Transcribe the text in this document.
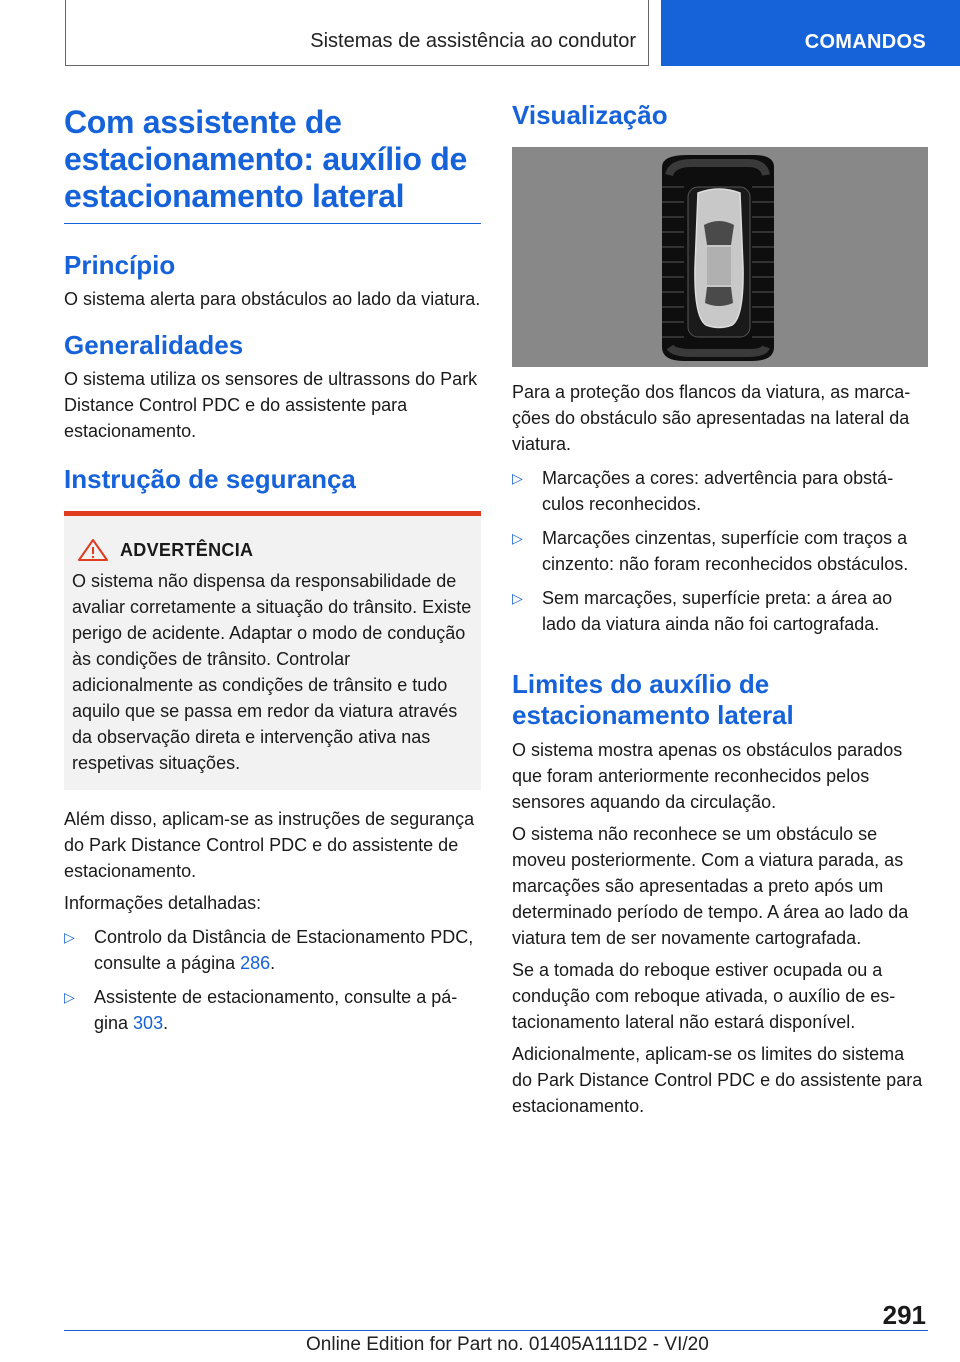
Sistemas de assistência ao condutor	COMANDOS
Com assistente de estacionamento: auxílio de estacionamento lateral
Princípio

O sistema alerta para obstáculos ao lado da viatura.

Generalidades

O sistema utiliza os sensores de ultrassons do Park Distance Control PDC e do assistente para estacionamento.

Instrução de segurança
ADVERTÊNCIA

O sistema não dispensa da responsabilidade de avaliar corretamente a situação do trânsito. Existe perigo de acidente. Adaptar o modo de condução às condições de trânsito. Controlar adicionalmente as condições de trânsito e tudo aquilo que se passa em redor da viatura através da observação direta e intervenção ativa nas respetivas situações.

Além disso, aplicam-se as instruções de segurança do Park Distance Control PDC e do assistente de estacionamento.

Informações detalhadas:

▷ Controlo da Distância de Estacionamento PDC, consulte a página 286.
▷ Assistente de estacionamento, consulte a página 303.
Visualização

Para a proteção dos flancos da viatura, as marcações do obstáculo são apresentadas na lateral da viatura.

▷ Marcações a cores: advertência para obstáculos reconhecidos.
▷ Marcações cinzentas, superfície com traços a cinzento: não foram reconhecidos obstáculos.
▷ Sem marcações, superfície preta: a área ao lado da viatura ainda não foi cartografada.
Limites do auxílio de estacionamento lateral

O sistema mostra apenas os obstáculos parados que foram anteriormente reconhecidos pelos sensores aquando da circulação.

O sistema não reconhece se um obstáculo se moveu posteriormente. Com a viatura parada, as marcações são apresentadas a preto após um determinado período de tempo. A área ao lado da viatura tem de ser novamente cartografada.

Se a tomada do reboque estiver ocupada ou a condução com reboque ativada, o auxílio de estacionamento lateral não estará disponível.

Adicionalmente, aplicam-se os limites do sistema do Park Distance Control PDC e do assistente para estacionamento.

291
Online Edition for Part no. 01405A111D2 - VI/20
